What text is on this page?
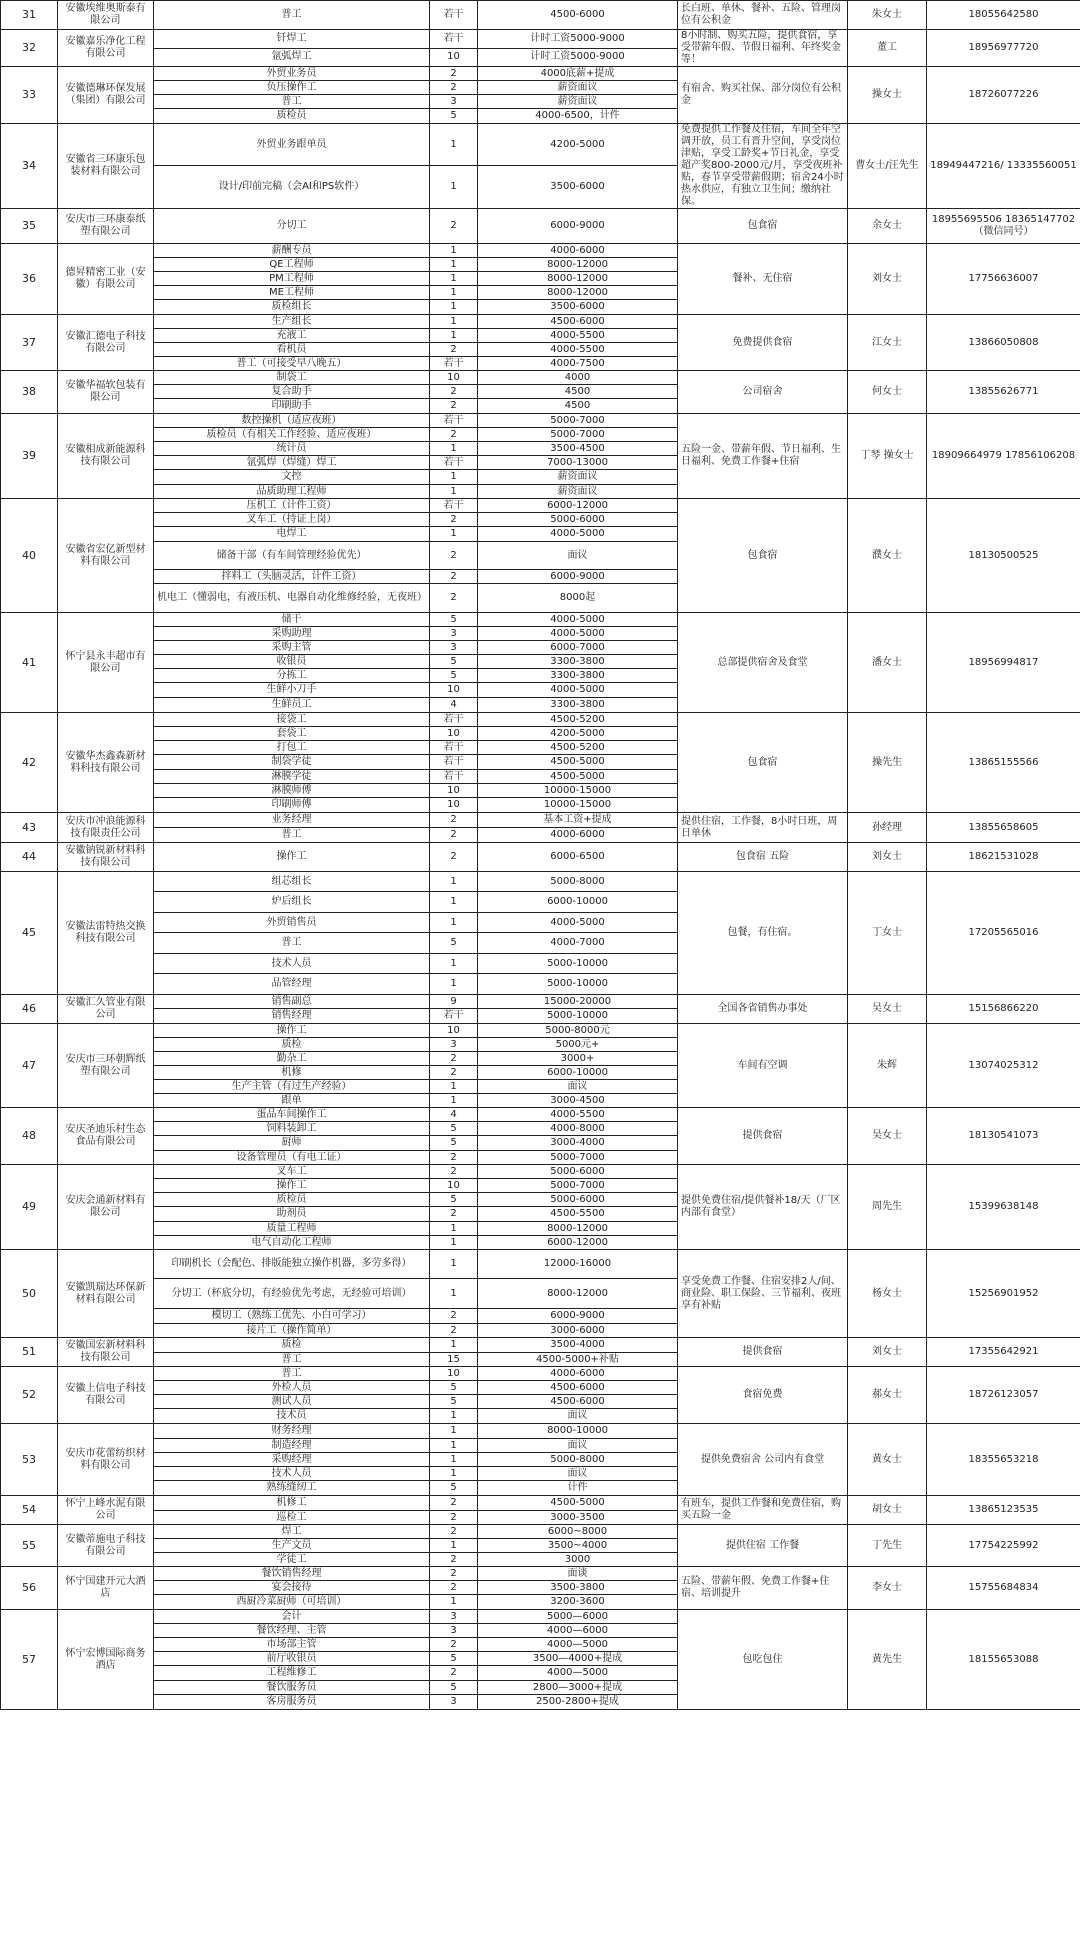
31	安徽埃维奥斯泰有限公司	普工	若干	4500-6000	长白班、单休、餐补、五险、管理岗位有公积金	朱女士	18055642580
32	安徽嘉乐净化工程有限公司	钎焊工	若干	计时工资5000-9000	8小时制、购买五险，提供食宿，享受带薪年假、节假日福利、年终奖金等！	董工	18956977720
		氩弧焊工	10	计时工资5000-9000			
33	安徽德琳环保发展（集团）有限公司	外贸业务员	2	4000底薪+提成	有宿舍、购买社保、部分岗位有公积金	操女士	18726077226
		负压操作工	2	薪资面议			
		普工	3	薪资面议			
		质检员	5	4000-6500，计件			
34	安徽省三环康乐包装材料有限公司	外贸业务跟单员	1	4200-5000	免费提供工作餐及住宿，车间全年空调开放，员工有晋升空间，享受岗位津贴，享受工龄奖+节日礼金，享受超产奖800-2000元/月，享受夜班补贴，春节享受带薪假期；宿舍24小时热水供应，有独立卫生间；缴纳社保。	曹女士/汪先生	18949447216/ 13335560051
		设计/印前完稿（会AI和PS软件）	1	3500-6000			
35	安庆市三环康泰纸塑有限公司	分切工	2	6000-9000	包食宿	余女士	18955695506 18365147702（微信同号）
36	德昇精密工业（安徽）有限公司	薪酬专员	1	4000-6000	餐补、无住宿	刘女士	17756636007
		QE工程师	1	8000-12000			
		PM工程师	1	8000-12000			
		ME工程师	1	8000-12000			
		质检组长	1	3500-6000			
37	安徽汇德电子科技有限公司	生产组长	1	4500-6000	免费提供食宿	江女士	13866050808
		充液工	1	4000-5500			
		看机员	2	4000-5500			
		普工（可接受早八晚五）	若干	4000-7500			
38	安徽华福软包装有限公司	制袋工	10	4000	公司宿舍	何女士	13855626771
		复合助手	2	4500			
		印刷助手	2	4500			
39	安徽相成新能源科技有限公司	数控操机（适应夜班）	若干	5000-7000	五险一金、带薪年假、节日福利、生日福利、免费工作餐+住宿	丁琴 操女士	18909664979 17856106208
		质检员（有相关工作经验、适应夜班）	2	5000-7000			
		统计员	1	3500-4500			
		氩弧焊（焊缝）焊工	若干	7000-13000			
		文控	1	薪资面议			
		品质助理工程师	1	薪资面议			
40	安徽省宏亿新型材料有限公司	压机工（计件工资）	若干	6000-12000	包食宿	濮女士	18130500525
		叉车工（持证上岗）	2	5000-6000			
		电焊工	1	4000-5000			
		储备干部（有车间管理经验优先）	2	面议			
		拌料工（头脑灵活，计件工资）	2	6000-9000			
		机电工（懂弱电，有液压机、电器自动化维修经验，无夜班）	2	8000起			
41	怀宁县永丰超市有限公司	储干	5	4000-5000	总部提供宿舍及食堂	潘女士	18956994817
		采购助理	3	4000-5000			
		采购主管	3	6000-7000			
		收银员	5	3300-3800			
		分拣工	5	3300-3800			
		生鲜小刀手	10	4000-5000			
		生鲜员工	4	3300-3800			
42	安徽华杰鑫森新材料科技有限公司	接袋工	若干	4500-5200	包食宿	操先生	13865155566
		套袋工	10	4200-5000			
		打包工	若干	4500-5200			
		制袋学徒	若干	4500-5000			
		淋膜学徒	若干	4500-5000			
		淋膜师傅	10	10000-15000			
		印刷师傅	10	10000-15000			
43	安庆市冲浪能源科技有限责任公司	业务经理	2	基本工资+提成	提供住宿，工作餐，8小时日班，周日单休	孙经理	13855658605
		普工	2	4000-6000			
44	安徽钠锐新材料科技有限公司	操作工	2	6000-6500	包食宿 五险	刘女士	18621531028
45	安徽法雷特热交换科技有限公司	组芯组长	1	5000-8000	包餐，有住宿。	丁女士	17205565016
		炉后组长	1	6000-10000			
		外贸销售员	1	4000-5000			
		普工	5	4000-7000			
		技术人员	1	5000-10000			
		品管经理	1	5000-10000			
46	安徽汇久管业有限公司	销售副总	9	15000-20000	全国各省销售办事处	吴女士	15156866220
		销售经理	若干	5000-10000			
47	安庆市三环朝辉纸塑有限公司	操作工	10	5000-8000元	车间有空调	朱辉	13074025312
		质检	3	5000元+			
		勤杂工	2	3000+			
		机修	2	6000-10000			
		生产主管（有过生产经验）	1	面议			
		跟单	1	3000-4500			
48	安庆圣迪乐村生态食品有限公司	蛋品车间操作工	4	4000-5500	提供食宿	吴女士	18130541073
		饲料装卸工	5	4000-8000			
		厨师	5	3000-4000			
		设备管理员（有电工证）	2	5000-7000			
49	安庆会通新材料有限公司	叉车工	2	5000-6000	提供免费住宿/提供餐补18/天（厂区内部有食堂）	周先生	15399638148
		操作工	10	5000-7000			
		质检员	5	5000-6000			
		助剂员	2	4500-5500			
		质量工程师	1	8000-12000			
		电气自动化工程师	1	6000-12000			
50	安徽凯瑞达环保新材料有限公司	印刷机长（会配色、排版能独立操作机器，多劳多得）	1	12000-16000	享受免费工作餐、住宿安排2人/间、商业险、职工保险、三节福利、夜班享有补贴	杨女士	15256901952
		分切工（杯底分切，有经验优先考虑，无经验可培训）	1	8000-12000			
		模切工（熟练工优先、小白可学习）	2	6000-9000			
		接片工（操作简单）	2	3000-6000			
51	安徽国宏新材料科技有限公司	质检	1	3500-4000	提供食宿	刘女士	17355642921
		普工	15	4500-5000+补贴			
52	安徽上信电子科技有限公司	普工	10	4000-6000	食宿免费	郝女士	18726123057
		外检人员	5	4500-6000			
		测试人员	5	4500-6000			
		技术员	1	面议			
53	安庆市花蕾纺织材料有限公司	财务经理	1	8000-10000	提供免费宿舍 公司内有食堂	黄女士	18355653218
		制造经理	1	面议			
		采购经理	1	5000-8000			
		技术人员	1	面议			
		熟练缝纫工	5	计件			
54	怀宁上峰水泥有限公司	机修工	2	4500-5000	有班车，提供工作餐和免费住宿，购买五险一金	胡女士	13865123535
		巡检工	2	3000-3500			
55	安徽蒂施电子科技有限公司	焊工	2	6000~8000	提供住宿 工作餐	丁先生	17754225992
		生产文员	1	3500~4000			
		学徒工	2	3000			
56	怀宁国建开元大酒店	餐饮销售经理	2	面谈	五险、带薪年假、免费工作餐+住宿、培训提升	李女士	15755684834
		宴会接待	2	3500-3800			
		西厨冷菜厨师（可培训）	1	3200-3600			
57	怀宁宏博国际商务酒店	会计	3	5000—6000	包吃包住	黄先生	18155653088
		餐饮经理、主管	3	4000—6000			
		市场部主管	2	4000—5000			
		前厅收银员	5	3500—4000+提成			
		工程维修工	2	4000—5000			
		餐饮服务员	5	2800—3000+提成			
		客房服务员	3	2500-2800+提成			
